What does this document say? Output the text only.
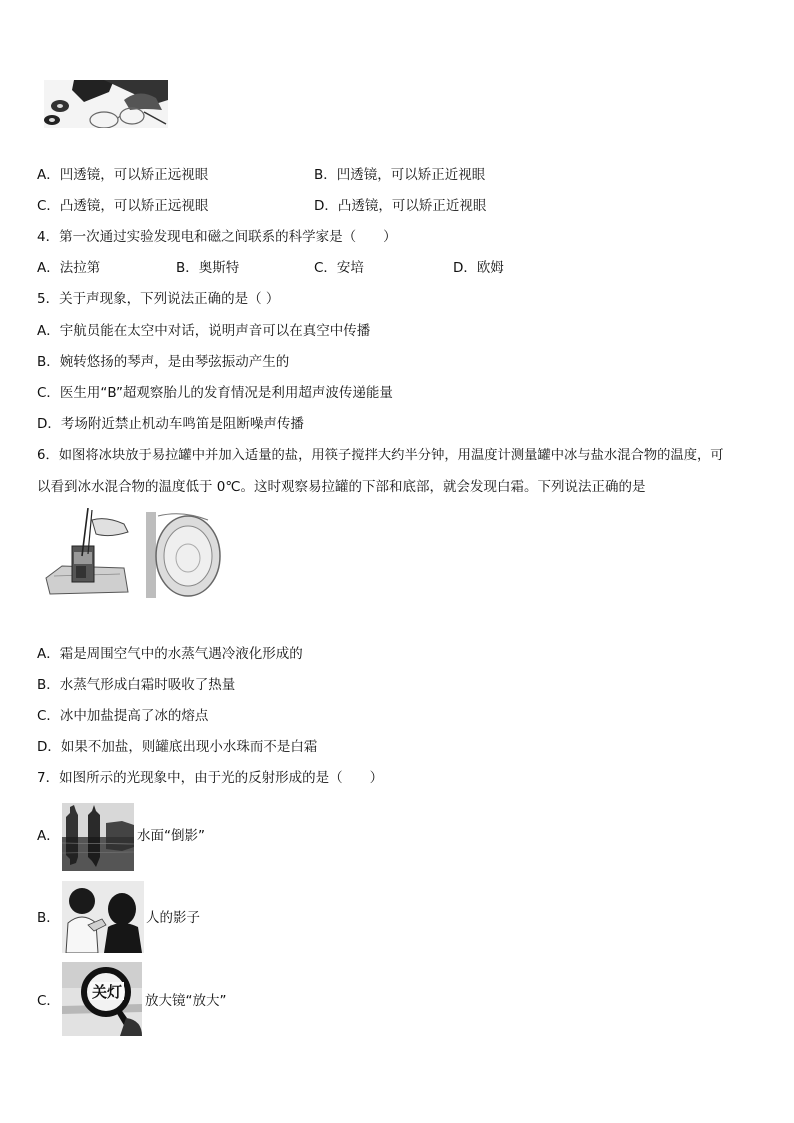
A．凹透镜，可以矫正远视眼	B．凹透镜，可以矫正近视眼
C．凸透镜，可以矫正远视眼	D．凸透镜，可以矫正近视眼
4．第一次通过实验发现电和磁之间联系的科学家是（　　）
A．法拉第	B．奥斯特	C．安培	D．欧姆
5．关于声现象，下列说法正确的是（ ）
A．宇航员能在太空中对话，说明声音可以在真空中传播
B．婉转悠扬的琴声，是由琴弦振动产生的
C．医生用“B”超观察胎儿的发育情况是利用超声波传递能量
D．考场附近禁止机动车鸣笛是阻断噪声传播
6．如图将冰块放于易拉罐中并加入适量的盐，用筷子搅拌大约半分钟，用温度计测量罐中冰与盐水混合物的温度，可
以看到冰水混合物的温度低于 0℃。这时观察易拉罐的下部和底部，就会发现白霜。下列说法正确的是
A．霜是周围空气中的水蒸气遇冷液化形成的
B．水蒸气形成白霜时吸收了热量
C．冰中加盐提高了冰的熔点
D．如果不加盐，则罐底出现小水珠而不是白霜
7．如图所示的光现象中，由于光的反射形成的是（　　）
A．	水面“倒影”
B．	人的影子
C． 关灯 放大镜“放大”
